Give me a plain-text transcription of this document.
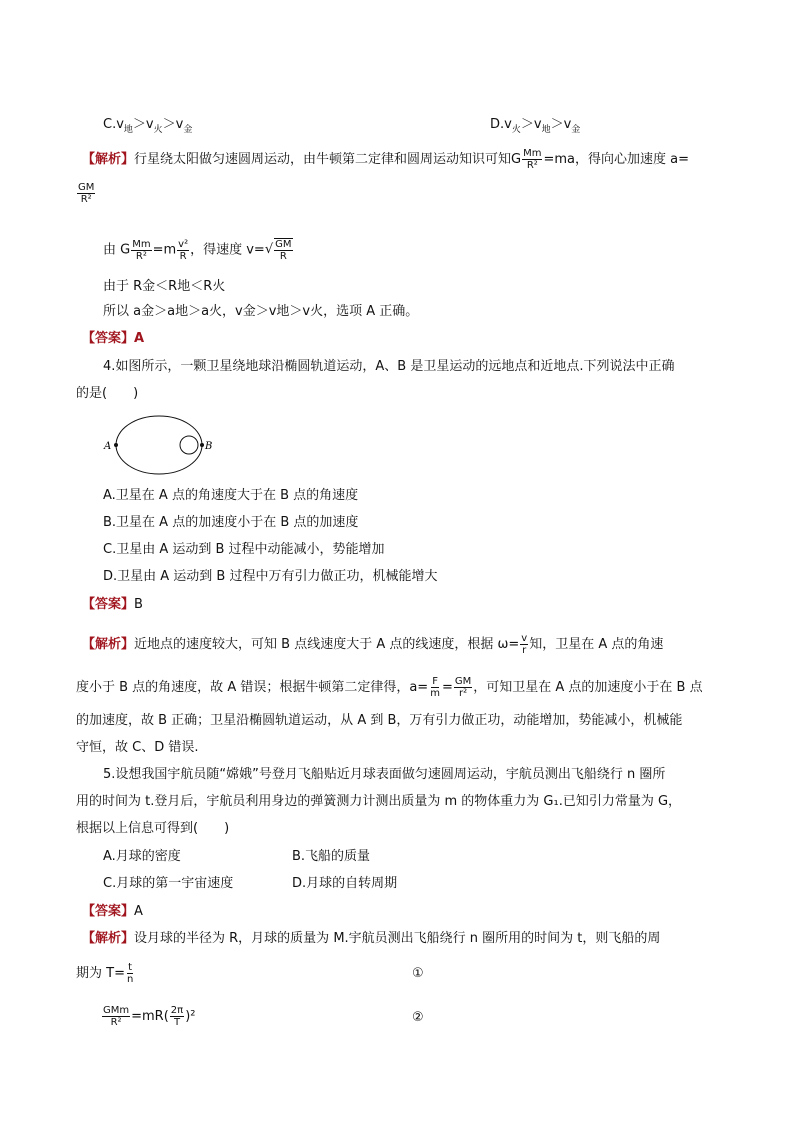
$C.v_地>v_火>v_金$	$D.v_火>v_地>v_金$
【解析】行星绕太阳做匀速圆周运动，由牛顿第二定律和圆周运动知识可知G $\frac{Mm}{\text{R²}} =ma$，得向心加速度 a=
$\frac{GM}{\text{R²}}$
由 G $\frac{Mm}{\text{R²}} =m \frac{\text{v²}}{R}$ ，得速度 $v=√ \frac{GM}{R}$
由于 R金＜R地＜R火
所以 a金＞a地＞a火，v金＞v地＞v火，选项 A 正确。
【答案】A
4.如图所示，一颗卫星绕地球沿椭圆轨道运动，A、B 是卫星运动的远地点和近地点.下列说法中正确
的是(　　)
A	B
A.卫星在 A 点的角速度大于在 B 点的角速度
B.卫星在 A 点的加速度小于在 B 点的加速度
C.卫星由 A 运动到 B 过程中动能减小，势能增加
D.卫星由 A 运动到 B 过程中万有引力做正功，机械能增大
【答案】B
【解析】近地点的速度较大，可知 B 点线速度大于 A 点的线速度，根据 $\omega= \frac{v}{r}$ 知，卫星在 A 点的角速
度小于 B 点的角速度，故 A 错误；根据牛顿第二定律得，$a= \frac{F}{m} = \frac{GM}{\text{r²}}$ ，可知卫星在 A 点的加速度小于在 B 点
的加速度，故 B 正确；卫星沿椭圆轨道运动，从 A 到 B，万有引力做正功，动能增加，势能减小，机械能
守恒，故 C、D 错误.
5.设想我国宇航员随“嫦娥”号登月飞船贴近月球表面做匀速圆周运动，宇航员测出飞船绕行 n 圈所
用的时间为 t.登月后，宇航员利用身边的弹簧测力计测出质量为 m 的物体重力为 G₁.已知引力常量为 G，
根据以上信息可得到(　　)
A.月球的密度	B.飞船的质量
C.月球的第一宇宙速度	D.月球的自转周期
【答案】A
【解析】设月球的半径为 R，月球的质量为 M.宇航员测出飞船绕行 n 圈所用的时间为 t，则飞船的周
期为 $T= \frac{t}{n}$	①
$\frac{\text{GMm}}{\text{R²}} =mR( \frac{2\pi}{T} )^2$	②
